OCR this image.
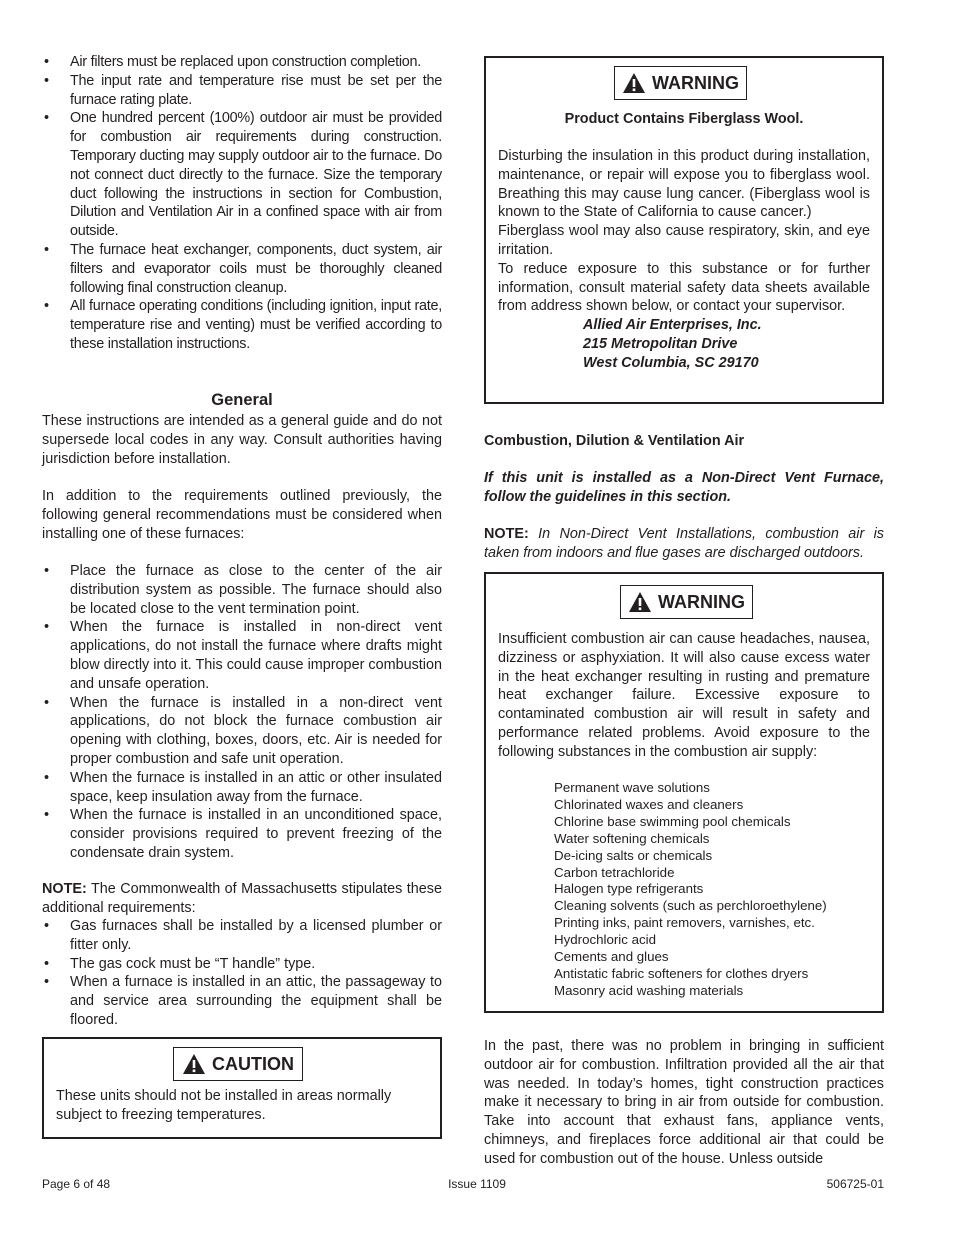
• Air filters must be replaced upon construction completion.
• The input rate and temperature rise must be set per the furnace rating plate.
• One hundred percent (100%) outdoor air must be provided for combustion air requirements during construction. Temporary ducting may supply outdoor air to the furnace. Do not connect duct directly to the furnace. Size the temporary duct following the instructions in section for Combustion, Dilution and Ventilation Air in a confined space with air from outside.
• The furnace heat exchanger, components, duct system, air filters and evaporator coils must be thoroughly cleaned following final construction cleanup.
• All furnace operating conditions (including ignition, input rate, temperature rise and venting) must be verified according to these installation instructions.
General

These instructions are intended as a general guide and do not supersede local codes in any way. Consult authorities having jurisdiction before installation.

In addition to the requirements outlined previously, the following general recommendations must be considered when installing one of these furnaces:

• Place the furnace as close to the center of the air distribution system as possible. The furnace should also be located close to the vent termination point.
• When the furnace is installed in non-direct vent applications, do not install the furnace where drafts might blow directly into it. This could cause improper combustion and unsafe operation.
• When the furnace is installed in a non-direct vent applications, do not block the furnace combustion air opening with clothing, boxes, doors, etc. Air is needed for proper combustion and safe unit operation.
• When the furnace is installed in an attic or other insulated space, keep insulation away from the furnace.
• When the furnace is installed in an unconditioned space, consider provisions required to prevent freezing of the condensate drain system.

NOTE: The Commonwealth of Massachusetts stipulates these additional requirements:

• Gas furnaces shall be installed by a licensed plumber or fitter only.
• The gas cock must be “T handle” type.
• When a furnace is installed in an attic, the passageway to and service area surrounding the equipment shall be floored.
CAUTION

These units should not be installed in areas normally subject to freezing temperatures.

WARNING

Product Contains Fiberglass Wool.

Disturbing the insulation in this product during installation, maintenance, or repair will expose you to fiberglass wool. Breathing this may cause lung cancer. (Fiberglass wool is known to the State of California to cause cancer.)

Fiberglass wool may also cause respiratory, skin, and eye irritation.

To reduce exposure to this substance or for further information, consult material safety data sheets available from address shown below, or contact your supervisor.

Allied Air Enterprises, Inc.
215 Metropolitan Drive
West Columbia, SC 29170

Combustion, Dilution & Ventilation Air

If this unit is installed as a Non-Direct Vent Furnace, follow the guidelines in this section.

NOTE: In Non-Direct Vent Installations, combustion air is taken from indoors and flue gases are discharged outdoors.

WARNING

Insufficient combustion air can cause headaches, nausea, dizziness or asphyxiation. It will also cause excess water in the heat exchanger resulting in rusting and premature heat exchanger failure. Excessive exposure to contaminated combustion air will result in safety and performance related problems. Avoid exposure to the following substances in the combustion air supply:

Permanent wave solutions
Chlorinated waxes and cleaners
Chlorine base swimming pool chemicals
Water softening chemicals
De-icing salts or chemicals
Carbon tetrachloride
Halogen type refrigerants
Cleaning solvents (such as perchloroethylene)
Printing inks, paint removers, varnishes, etc.
Hydrochloric acid
Cements and glues
Antistatic fabric softeners for clothes dryers
Masonry acid washing materials

In the past, there was no problem in bringing in sufficient outdoor air for combustion. Infiltration provided all the air that was needed. In today’s homes, tight construction practices make it necessary to bring in air from outside for combustion. Take into account that exhaust fans, appliance vents, chimneys, and fireplaces force additional air that could be used for combustion out of the house. Unless outside

Page 6 of 48	Issue 1109	506725-01
